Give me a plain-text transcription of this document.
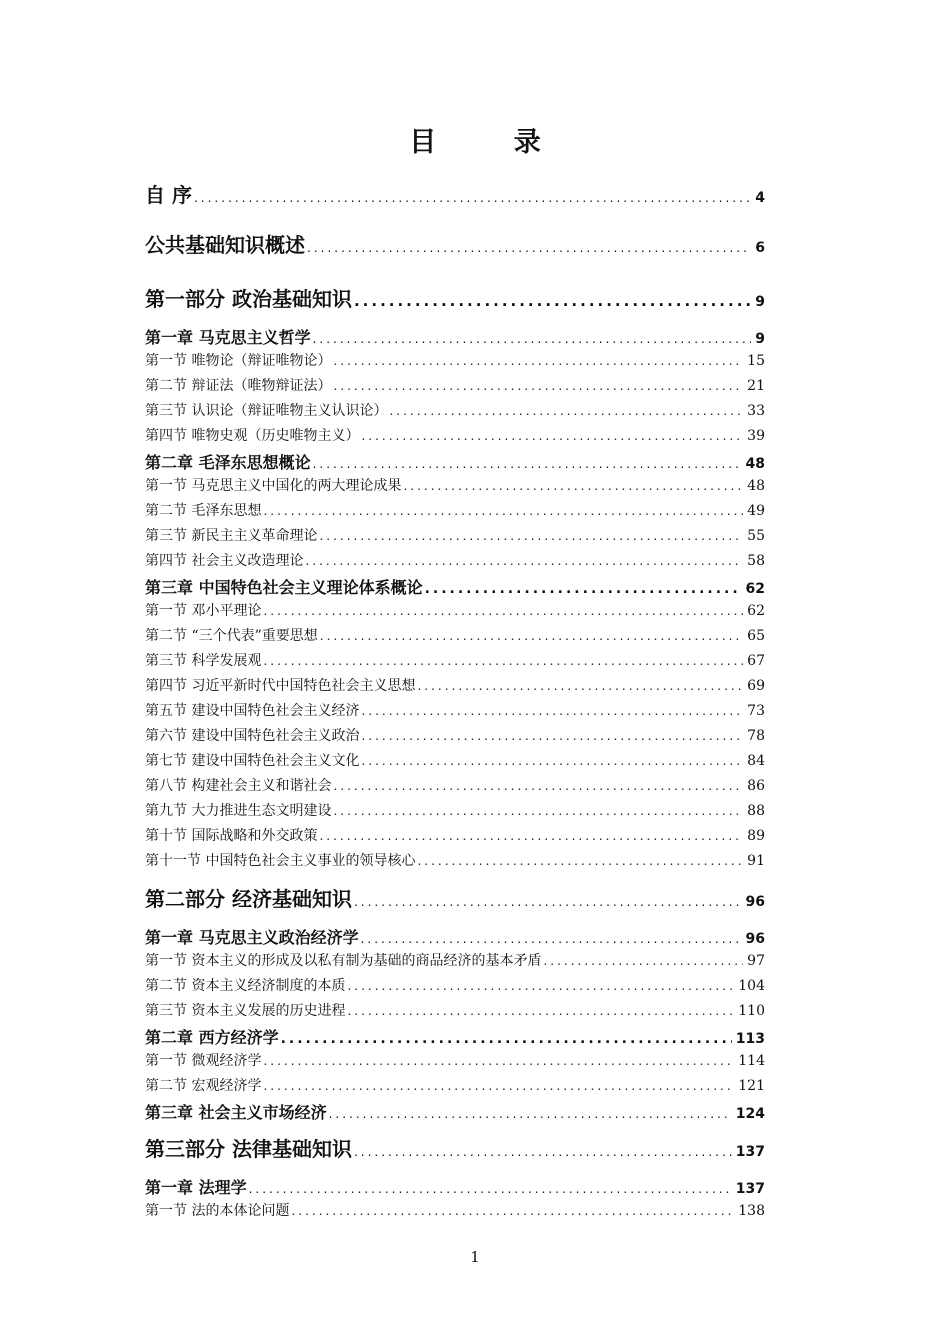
目 录
自 序 .....	4
公共基础知识概述 .....	6
第一部分 政治基础知识 .....	9
第一章 马克思主义哲学 .....	9
第一节 唯物论（辩证唯物论） .....	15
第二节 辩证法（唯物辩证法） .....	21
第三节 认识论（辩证唯物主义认识论） .....	33
第四节 唯物史观（历史唯物主义） .....	39
第二章 毛泽东思想概论 .....	48
第一节 马克思主义中国化的两大理论成果 .....	48
第二节 毛泽东思想 .....	49
第三节 新民主主义革命理论 .....	55
第四节 社会主义改造理论 .....	58
第三章 中国特色社会主义理论体系概论 .....	62
第一节 邓小平理论 .....	62
第二节 “三个代表”重要思想 .....	65
第三节 科学发展观 .....	67
第四节 习近平新时代中国特色社会主义思想 .....	69
第五节 建设中国特色社会主义经济 .....	73
第六节 建设中国特色社会主义政治 .....	78
第七节 建设中国特色社会主义文化 .....	84
第八节 构建社会主义和谐社会 .....	86
第九节 大力推进生态文明建设 .....	88
第十节 国际战略和外交政策 .....	89
第十一节 中国特色社会主义事业的领导核心 .....	91
第二部分 经济基础知识 .....	96
第一章 马克思主义政治经济学 .....	96
第一节 资本主义的形成及以私有制为基础的商品经济的基本矛盾 .....	97
第二节 资本主义经济制度的本质 .....	104
第三节 资本主义发展的历史进程 .....	110
第二章 西方经济学 .....	113
第一节 微观经济学 .....	114
第二节 宏观经济学 .....	121
第三章 社会主义市场经济 .....	124
第三部分 法律基础知识 .....	137
第一章 法理学 .....	137
第一节 法的本体论问题 .....	138
1
